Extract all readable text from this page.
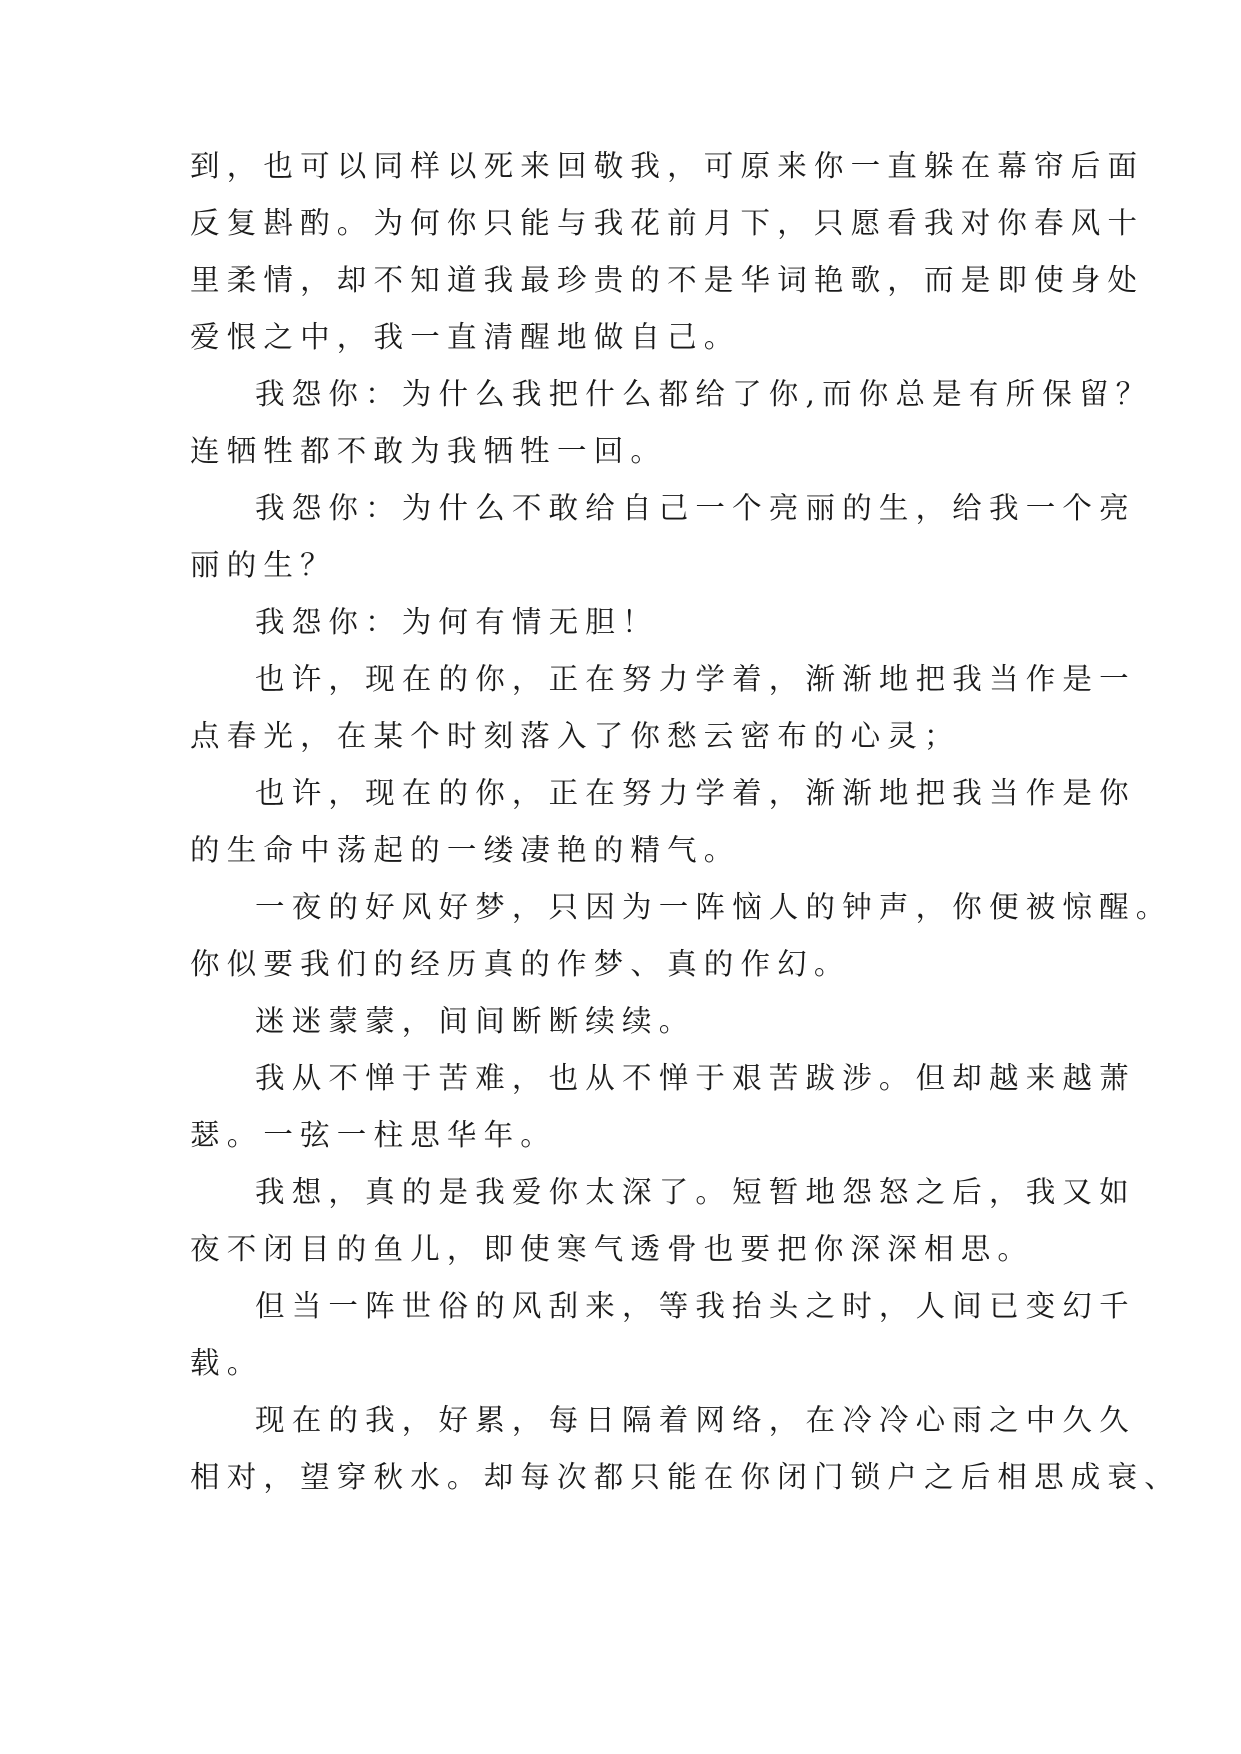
到，也可以同样以死来回敬我，可原来你一直躲在幕帘后面
反复斟酌。为何你只能与我花前月下，只愿看我对你春风十
里柔情，却不知道我最珍贵的不是华词艳歌，而是即使身处
爱恨之中，我一直清醒地做自己。
我怨你：为什么我把什么都给了你,而你总是有所保留？
连牺牲都不敢为我牺牲一回。
我怨你：为什么不敢给自己一个亮丽的生，给我一个亮
丽的生？
我怨你：为何有情无胆！
也许，现在的你，正在努力学着，渐渐地把我当作是一
点春光，在某个时刻落入了你愁云密布的心灵；
也许，现在的你，正在努力学着，渐渐地把我当作是你
的生命中荡起的一缕凄艳的精气。
一夜的好风好梦，只因为一阵恼人的钟声，你便被惊醒。
你似要我们的经历真的作梦、真的作幻。
迷迷蒙蒙，间间断断续续。
我从不惮于苦难，也从不惮于艰苦跋涉。但却越来越萧
瑟。一弦一柱思华年。
我想，真的是我爱你太深了。短暂地怨怒之后，我又如
夜不闭目的鱼儿，即使寒气透骨也要把你深深相思。
但当一阵世俗的风刮来，等我抬头之时，人间已变幻千
载。
现在的我，好累，每日隔着网络，在冷冷心雨之中久久
相对，望穿秋水。却每次都只能在你闭门锁户之后相思成衰、
